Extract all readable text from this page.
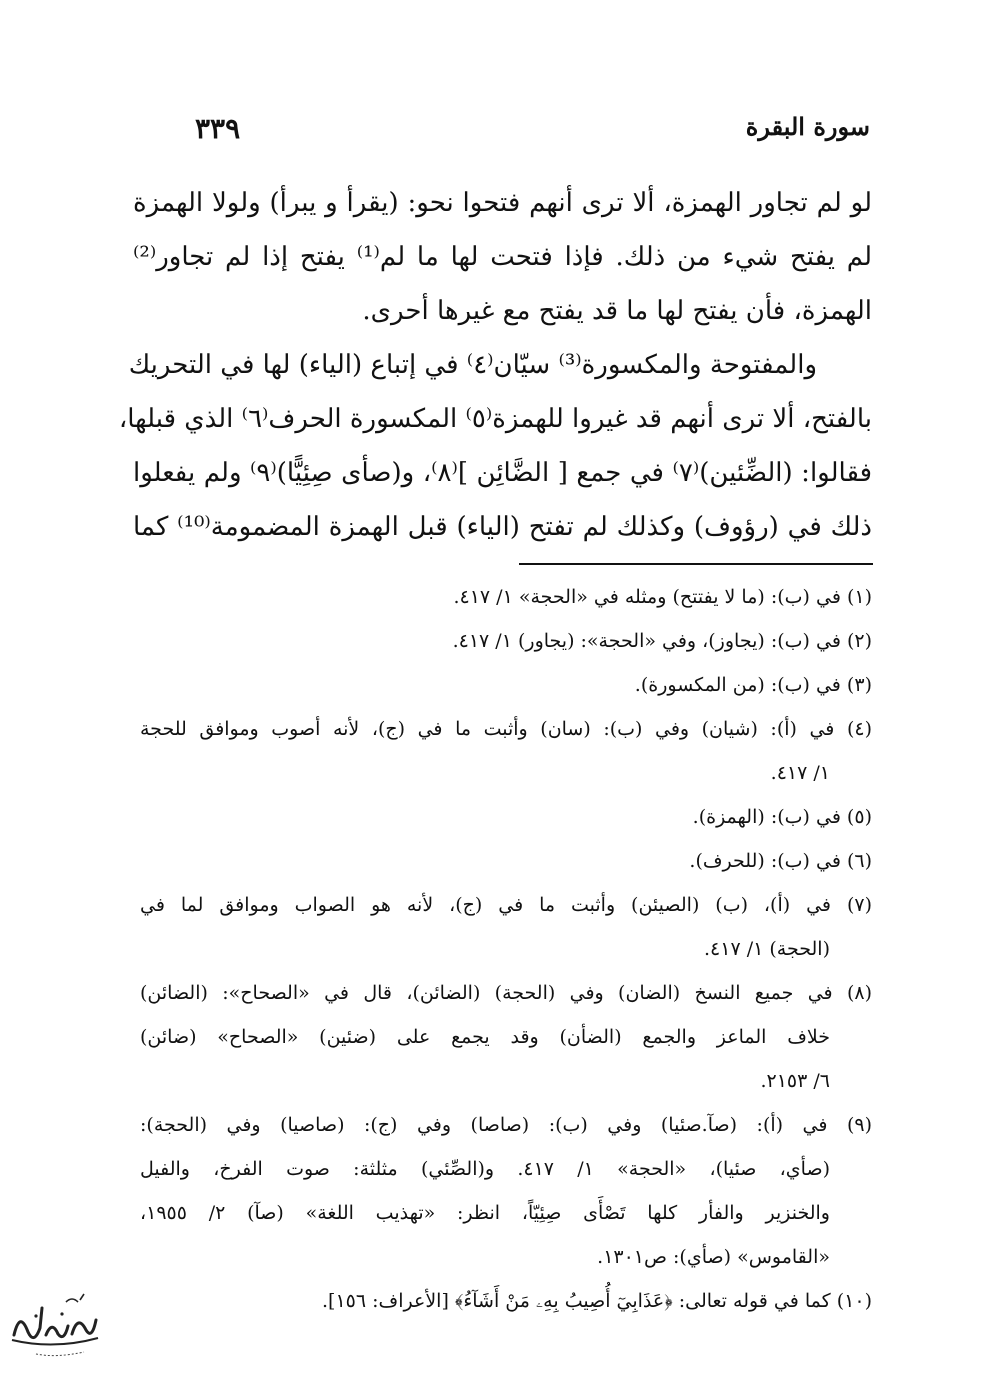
سورة البقرة
٣٣٩
لو لم تجاور الهمزة، ألا ترى أنهم فتحوا نحو: (يقرأ و يبرأ) ولولا الهمزة
لم يفتح شيء من ذلك. فإذا فتحت لها ما لم⁽¹⁾ يفتح إذا لم تجاور⁽²⁾
الهمزة، فأن يفتح لها ما قد يفتح مع غيرها أحرى.
والمفتوحة والمكسورة⁽³⁾ سيّان⁽٤⁾ في إتباع (الياء) لها في التحريك
بالفتح، ألا ترى أنهم قد غيروا للهمزة⁽٥⁾ المكسورة الحرف⁽٦⁾ الذي قبلها،
فقالوا: (الضِّئين)⁽٧⁾ في جمع [ الضَّائِن ]⁽٨⁾، و(صأى صِئِيًّا)⁽٩⁾ ولم يفعلوا
ذلك في (رؤوف) وكذلك لم تفتح (الياء) قبل الهمزة المضمومة⁽¹⁰⁾ كما
(١) في (ب): (ما لا يفتتح) ومثله في «الحجة» ١/ ٤١٧.
(٢) في (ب): (يجاوز)، وفي «الحجة»: (يجاور) ١/ ٤١٧.
(٣) في (ب): (من المكسورة).
(٤) في (أ): (شيان) وفي (ب): (سان) وأثبت ما في (ج)، لأنه أصوب وموافق للحجة
١/ ٤١٧.
(٥) في (ب): (الهمزة).
(٦) في (ب): (للحرف).
(٧) في (أ)، (ب) (الصيئن) وأثبت ما في (ج)، لأنه هو الصواب وموافق لما في
(الحجة) ١/ ٤١٧.
(٨) في جميع النسخ (الضان) وفي (الحجة) (الضائن)، قال في «الصحاح»: (الضائن)
خلاف الماعز والجمع (الضأن) وقد يجمع على (ضئين) «الصحاح» (ضائن)
٦/ ٢١٥٣.
(٩) في (أ): (صآ.صئيا) وفي (ب): (صاصا) وفي (ج): (صاصيا) وفي (الحجة):
(صأي، صئيا)، «الحجة» ١/ ٤١٧. و(الصِّئي) مثلثة: صوت الفرخ، والفيل
والخنزير والفأر كلها تَصْأَى صِئِيّاً، انظر: «تهذيب اللغة» (صآ) ٢/ ١٩٥٥،
«القاموس» (صأي): ص١٣٠١.
(١٠) كما في قوله تعالى: ﴿عَذَابِيٓ أُصِيبُ بِهِۦ مَنْ أَشَآءُ﴾ [الأعراف: ١٥٦].
